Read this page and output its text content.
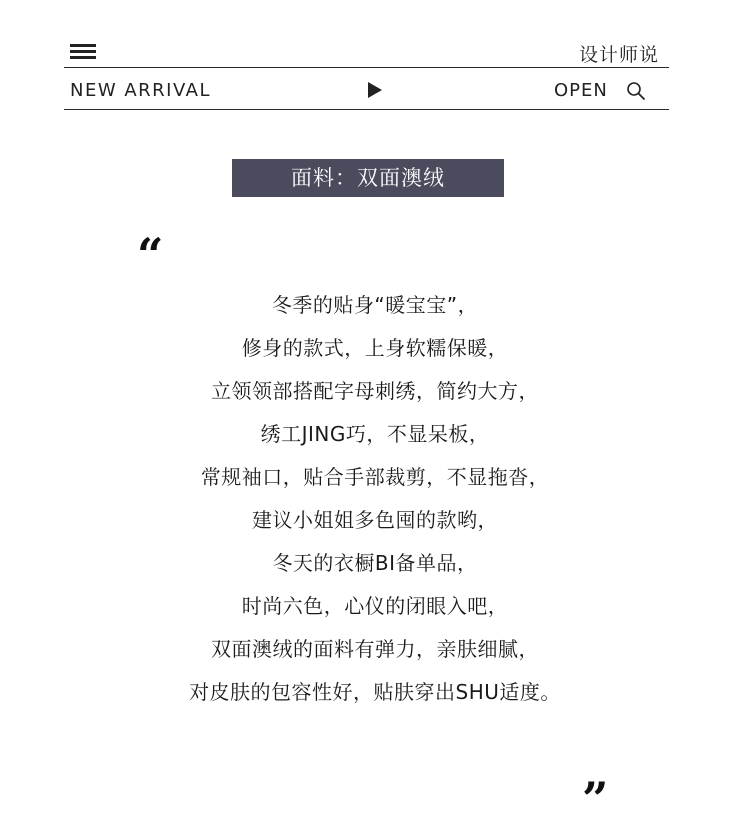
设计师说
NEW ARRIVAL	OPEN
面料：双面澳绒
“
冬季的贴身“暖宝宝”，
修身的款式，上身软糯保暖，
立领领部搭配字母刺绣，简约大方，
绣工JING巧，不显呆板，
常规袖口，贴合手部裁剪，不显拖沓，
建议小姐姐多色囤的款哟，
冬天的衣橱BI备单品，
时尚六色，心仪的闭眼入吧，
双面澳绒的面料有弹力，亲肤细腻，
对皮肤的包容性好，贴肤穿出SHU适度。
”
